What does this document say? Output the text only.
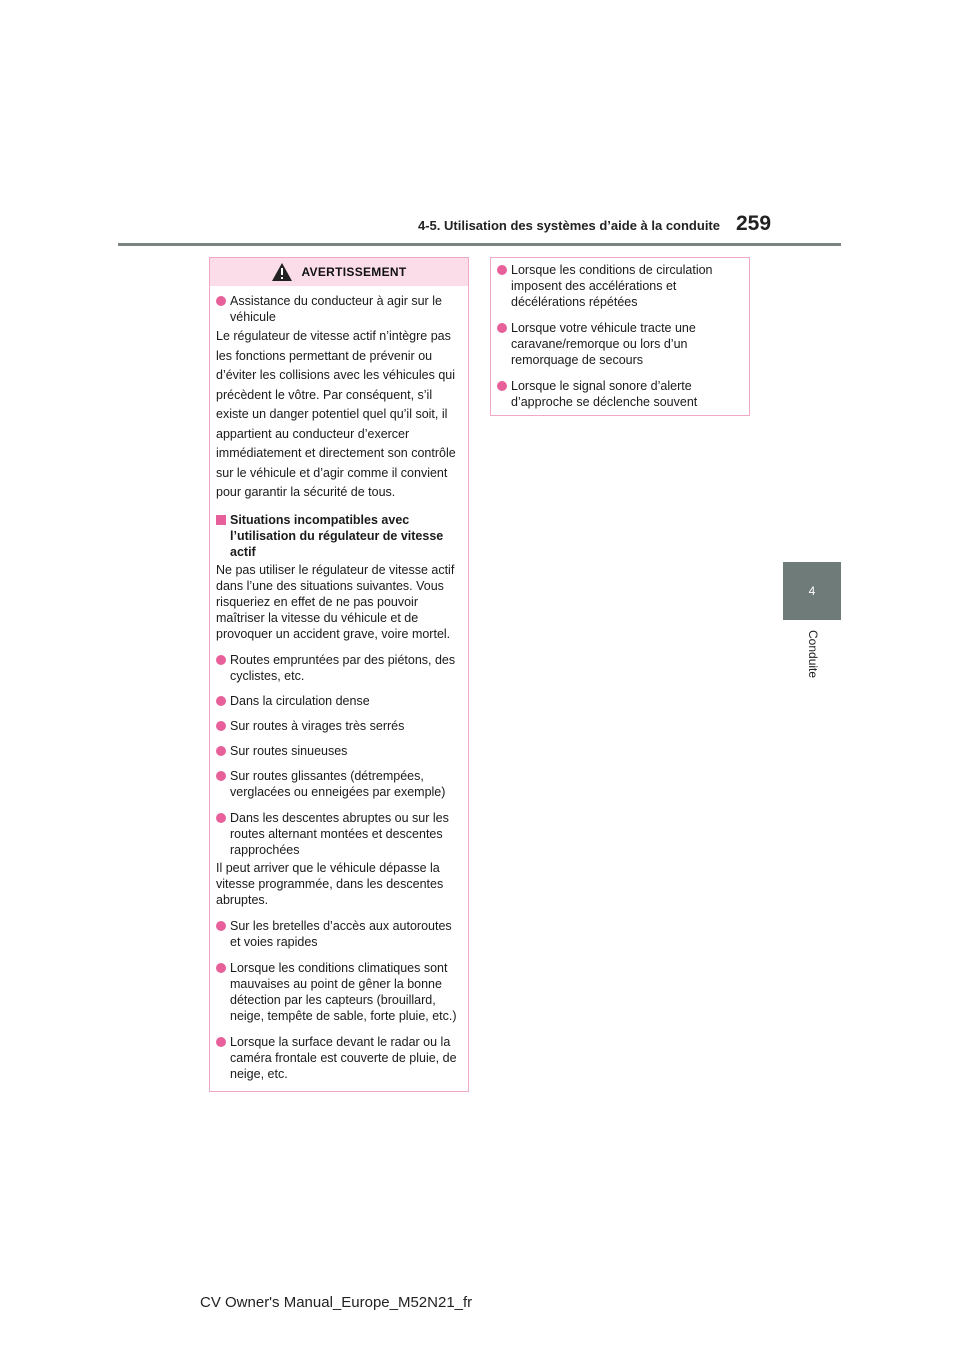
4-5. Utilisation des systèmes d’aide à la conduite 259
4
Conduite
AVERTISSEMENT
Assistance du conducteur à agir sur le véhicule
Le régulateur de vitesse actif n’intègre pas les fonctions permettant de prévenir ou d’éviter les collisions avec les véhicules qui précèdent le vôtre. Par conséquent, s’il existe un danger potentiel quel qu’il soit, il appartient au conducteur d’exercer immédiatement et directement son contrôle sur le véhicule et d’agir comme il convient pour garantir la sécurité de tous.
Situations incompatibles avec l’utilisation du régulateur de vitesse actif
Ne pas utiliser le régulateur de vitesse actif dans l’une des situations suivantes. Vous risqueriez en effet de ne pas pouvoir maîtriser la vitesse du véhicule et de provoquer un accident grave, voire mortel.
Routes empruntées par des piétons, des cyclistes, etc.
Dans la circulation dense
Sur routes à virages très serrés
Sur routes sinueuses
Sur routes glissantes (détrempées, verglacées ou enneigées par exemple)
Dans les descentes abruptes ou sur les routes alternant montées et descentes rapprochées
Il peut arriver que le véhicule dépasse la vitesse programmée, dans les descentes abruptes.
Sur les bretelles d’accès aux autoroutes et voies rapides
Lorsque les conditions climatiques sont mauvaises au point de gêner la bonne détection par les capteurs (brouillard, neige, tempête de sable, forte pluie, etc.)
Lorsque la surface devant le radar ou la caméra frontale est couverte de pluie, de neige, etc.
Lorsque les conditions de circulation imposent des accélérations et décélérations répétées
Lorsque votre véhicule tracte une caravane/remorque ou lors d’un remorquage de secours
Lorsque le signal sonore d’alerte d’approche se déclenche souvent
CV Owner's Manual_Europe_M52N21_fr
